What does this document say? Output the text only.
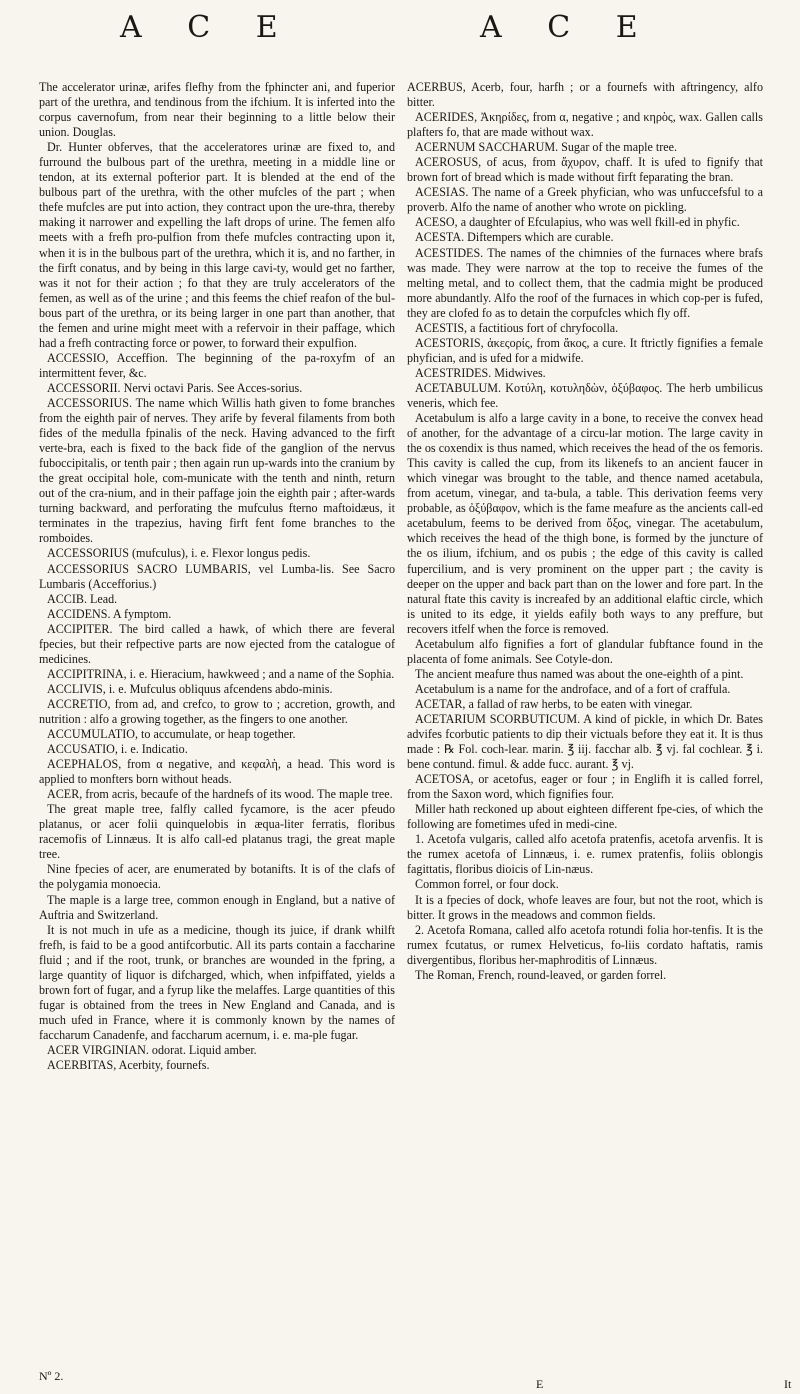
A C E	A C E

The accelerator urinæ, arifes flefhy from the fphincter ani, and fuperior part of the urethra, and tendinous from the ifchium. It is inferted into the corpus cavernofum, from near their beginning to a little below their union. Douglas.

Dr. Hunter obferves, that the acceleratores urinæ are fixed to, and furround the bulbous part of the urethra, meeting in a middle line or tendon, at its external pofterior part. It is blended at the end of the bulbous part of the urethra, with the other mufcles of the part ; when thefe mufcles are put into action, they contract upon the ure-thra, thereby making it narrower and expelling the laft drops of urine. The femen alfo meets with a frefh pro-pulfion from thefe mufcles contracting upon it, when it is in the bulbous part of the urethra, which it is, and no farther, in the firft conatus, and by being in this large cavi-ty, would get no farther, was it not for their action ; fo that they are truly accelerators of the femen, as well as of the urine ; and this feems the chief reafon of the bul-bous part of the urethra, or its being larger in one part than another, that the femen and urine might meet with a refervoir in their paffage, which had a frefh contracting force or power, to forward their expulfion.

ACCESSIO, Acceffion. The beginning of the pa-roxyfm of an intermittent fever, &c.

ACCESSORII. Nervi octavi Paris. See Acces-sorius.

ACCESSORIUS. The name which Willis hath given to fome branches from the eighth pair of nerves. They arife by feveral filaments from both fides of the medulla fpinalis of the neck. Having advanced to the firft verte-bra, each is fixed to the back fide of the ganglion of the nervus fuboccipitalis, or tenth pair ; then again run up-wards into the cranium by the great occipital hole, com-municate with the tenth and ninth, return out of the cra-nium, and in their paffage join the eighth pair ; after-wards turning backward, and perforating the mufculus fterno maftoidæus, it terminates in the trapezius, having firft fent fome branches to the romboides.

ACCESSORIUS (mufculus), i. e. Flexor longus pedis.

ACCESSORIUS SACRO LUMBARIS, vel Lumba-lis. See Sacro Lumbaris (Accefforius.)

ACCIB. Lead.

ACCIDENS. A fymptom.

ACCIPITER. The bird called a hawk, of which there are feveral fpecies, but their refpective parts are now ejected from the catalogue of medicines.

ACCIPITRINA, i. e. Hieracium, hawkweed ; and a name of the Sophia.

ACCLIVIS, i. e. Mufculus obliquus afcendens abdo-minis.

ACCRETIO, from ad, and crefco, to grow to ; accretion, growth, and nutrition : alfo a growing together, as the fingers to one another.

ACCUMULATIO, to accumulate, or heap together.

ACCUSATIO, i. e. Indicatio.

ACEPHALOS, from α negative, and κεφαλὴ, a head. This word is applied to monfters born without heads.

ACER, from acris, becaufe of the hardnefs of its wood. The maple tree.

The great maple tree, falfly called fycamore, is the acer pfeudo platanus, or acer folii quinquelobis in æqua-liter ferratis, floribus racemofis of Linnæus. It is alfo call-ed platanus tragi, the great maple tree.

Nine fpecies of acer, are enumerated by botanifts. It is of the clafs of the polygamia monoecia.

The maple is a large tree, common enough in England, but a native of Auftria and Switzerland.

It is not much in ufe as a medicine, though its juice, if drank whilft frefh, is faid to be a good antifcorbutic. All its parts contain a faccharine fluid ; and if the root, trunk, or branches are wounded in the fpring, a large quantity of liquor is difcharged, which, when infpiffated, yields a brown fort of fugar, and a fyrup like the melaffes. Large quantities of this fugar is obtained from the trees in New England and Canada, and is much ufed in France, where it is commonly known by the names of faccharum Canadenfe, and faccharum acernum, i. e. ma-ple fugar.

ACER VIRGINIAN. odorat. Liquid amber.

ACERBITAS, Acerbity, fournefs.

ACERBUS, Acerb, four, harfh ; or a fournefs with aftringency, alfo bitter.

ACERIDES, Ἀκηρίδες, from α, negative ; and κηρὸς, wax. Gallen calls plafters fo, that are made without wax.

ACERNUM SACCHARUM. Sugar of the maple tree.

ACEROSUS, of acus, from ἄχυρον, chaff. It is ufed to fignify that brown fort of bread which is made without firft feparating the bran.

ACESIAS. The name of a Greek phyfician, who was unfuccefsful to a proverb. Alfo the name of another who wrote on pickling.

ACESO, a daughter of Efculapius, who was well fkill-ed in phyfic.

ACESTA. Diftempers which are curable.

ACESTIDES. The names of the chimnies of the furnaces where brafs was made. They were narrow at the top to receive the fumes of the melting metal, and to collect them, that the cadmia might be produced more abundantly. Alfo the roof of the furnaces in which cop-per is fufed, they are clofed fo as to detain the corpufcles which fly off.

ACESTIS, a factitious fort of chryfocolla.

ACESTORIS, ἀκεςορίς, from ἄκος, a cure. It ftrictly fignifies a female phyfician, and is ufed for a midwife.

ACESTRIDES. Midwives.

ACETABULUM. Κοτύλη, κοτυληδὼν, ὀξύβαφος. The herb umbilicus veneris, which fee.

Acetabulum is alfo a large cavity in a bone, to receive the convex head of another, for the advantage of a circu-lar motion. The large cavity in the os coxendix is thus named, which receives the head of the os femoris. This cavity is called the cup, from its likenefs to an ancient faucer in which vinegar was brought to the table, and thence named acetabula, from acetum, vinegar, and ta-bula, a table. This derivation feems very probable, as ὀξύβαφον, which is the fame meafure as the ancients call-ed acetabulum, feems to be derived from ὄξος, vinegar. The acetabulum, which receives the head of the thigh bone, is formed by the juncture of the os ilium, ifchium, and os pubis ; the edge of this cavity is called fupercilium, and is very prominent on the upper part ; the cavity is deeper on the upper and back part than on the lower and fore part. In the natural ftate this cavity is increafed by an additional elaftic circle, which is united to its edge, it yields eafily both ways to any preffure, but recovers itfelf when the force is removed.

Acetabulum alfo fignifies a fort of glandular fubftance found in the placenta of fome animals. See Cotyle-don.

The ancient meafure thus named was about the one-eighth of a pint.

Acetabulum is a name for the androface, and of a fort of craffula.

ACETAR, a fallad of raw herbs, to be eaten with vinegar.

ACETARIUM SCORBUTICUM. A kind of pickle, in which Dr. Bates advifes fcorbutic patients to dip their victuals before they eat it. It is thus made : ℞ Fol. coch-lear. marin. ℥ iij. facchar alb. ℥ vj. fal cochlear. ℥ i. bene contund. fimul. & adde fucc. aurant. ℥ vj.

ACETOSA, or acetofus, eager or four ; in Englifh it is called forrel, from the Saxon word, which fignifies four.

Miller hath reckoned up about eighteen different fpe-cies, of which the following are fometimes ufed in medi-cine.

1. Acetofa vulgaris, called alfo acetofa pratenfis, acetofa arvenfis. It is the rumex acetofa of Linnæus, i. e. rumex pratenfis, foliis oblongis fagittatis, floribus dioicis of Lin-næus.

Common forrel, or four dock.

It is a fpecies of dock, whofe leaves are four, but not the root, which is bitter. It grows in the meadows and common fields.

2. Acetofa Romana, called alfo acetofa rotundi folia hor-tenfis. It is the rumex fcutatus, or rumex Helveticus, fo-liis cordato haftatis, ramis divergentibus, floribus her-maphroditis of Linnæus.

The Roman, French, round-leaved, or garden forrel.

Nº 2.
E	It
